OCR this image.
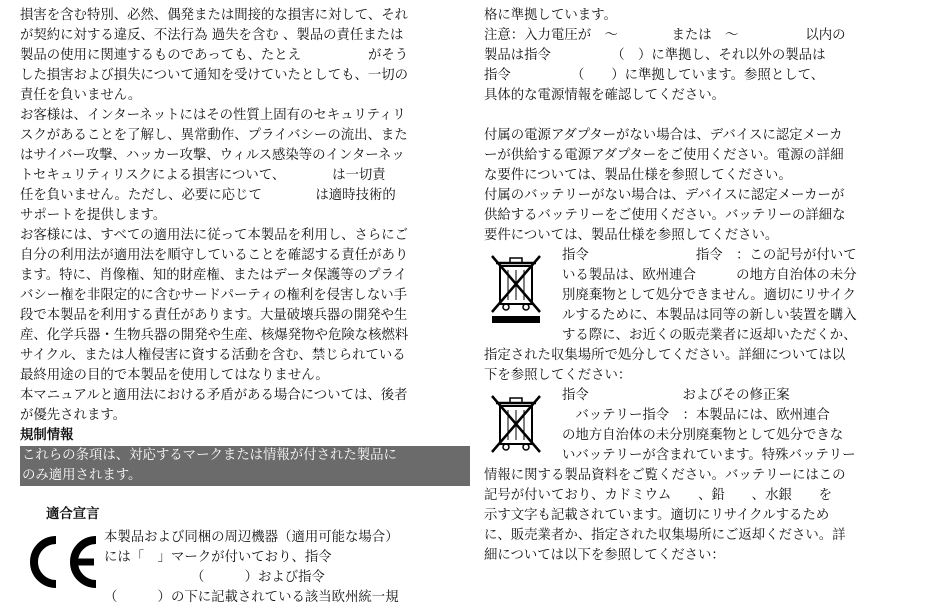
損害を含む特別、必然、偶発または間接的な損害に対して、それ
が契約に対する違反、不法行為 過失を含む 、製品の責任または
製品の使用に関連するものであっても、たとえ　　　　　がそう
した損害および損失について通知を受けていたとしても、一切の
責任を負いません。
お客様は、インターネットにはその性質上固有のセキュリティリ
スクがあることを了解し、異常動作、プライバシーの流出、また
はサイバー攻撃、ハッカー攻撃、ウィルス感染等のインターネッ
トセキュリティリスクによる損害について、　　　　は一切責
任を負いません。ただし、必要に応じて　　　　は適時技術的
サポートを提供します。
お客様には、すべての適用法に従って本製品を利用し、さらにご
自分の利用法が適用法を順守していることを確認する責任があり
ます。特に、肖像権、知的財産権、またはデータ保護等のプライ
バシー権を非限定的に含むサードパーティの権利を侵害しない手
段で本製品を利用する責任があります。大量破壊兵器の開発や生
産、化学兵器・生物兵器の開発や生産、核爆発物や危険な核燃料
サイクル、または人権侵害に資する活動を含む、禁じられている
最終用途の目的で本製品を使用してはなりません。
本マニュアルと適用法における矛盾がある場合については、後者
が優先されます。
規制情報
これらの条項は、対応するマークまたは情報が付された製品に
のみ適用されます。
適合宣言
本製品および同梱の周辺機器（適用可能な場合）
には「　」マークが付いており、指令
　　　　　　　（　　　）および指令
（　　　）の下に記載されている該当欧州統一規
格に準拠しています。
注意：入力電圧が　～　　　　または　～　　　　　以内の
製品は指令　　　　　（　）に準拠し、それ以外の製品は
指令　　　　　（　　）に準拠しています。参照として、
具体的な電源情報を確認してください。
付属の電源アダプターがない場合は、デバイスに認定メーカ
ーが供給する電源アダプターをご使用ください。電源の詳細
な要件については、製品仕様を参照してください。
付属のバッテリーがない場合は、デバイスに認定メーカーが
供給するバッテリーをご使用ください。バッテリーの詳細な
要件については、製品仕様を参照してください。
指令　　　　　　　　指令　：この記号が付いて
いる製品は、欧州連合　　　の地方自治体の未分
別廃棄物として処分できません。適切にリサイク
ルするために、本製品は同等の新しい装置を購入
する際に、お近くの販売業者に返却いただくか、
指定された収集場所で処分してください。詳細については以
下を参照してください：
指令　　　　　　　およびその修正案
　バッテリー指令　：本製品には、欧州連合
の地方自治体の未分別廃棄物として処分できな
いバッテリーが含まれています。特殊バッテリー
情報に関する製品資料をご覧ください。バッテリーにはこの
記号が付いており、カドミウム　　、鉛　　、水銀　　を
示す文字も記載されています。適切にリサイクルするため
に、販売業者か、指定された収集場所にご返却ください。詳
細については以下を参照してください：
